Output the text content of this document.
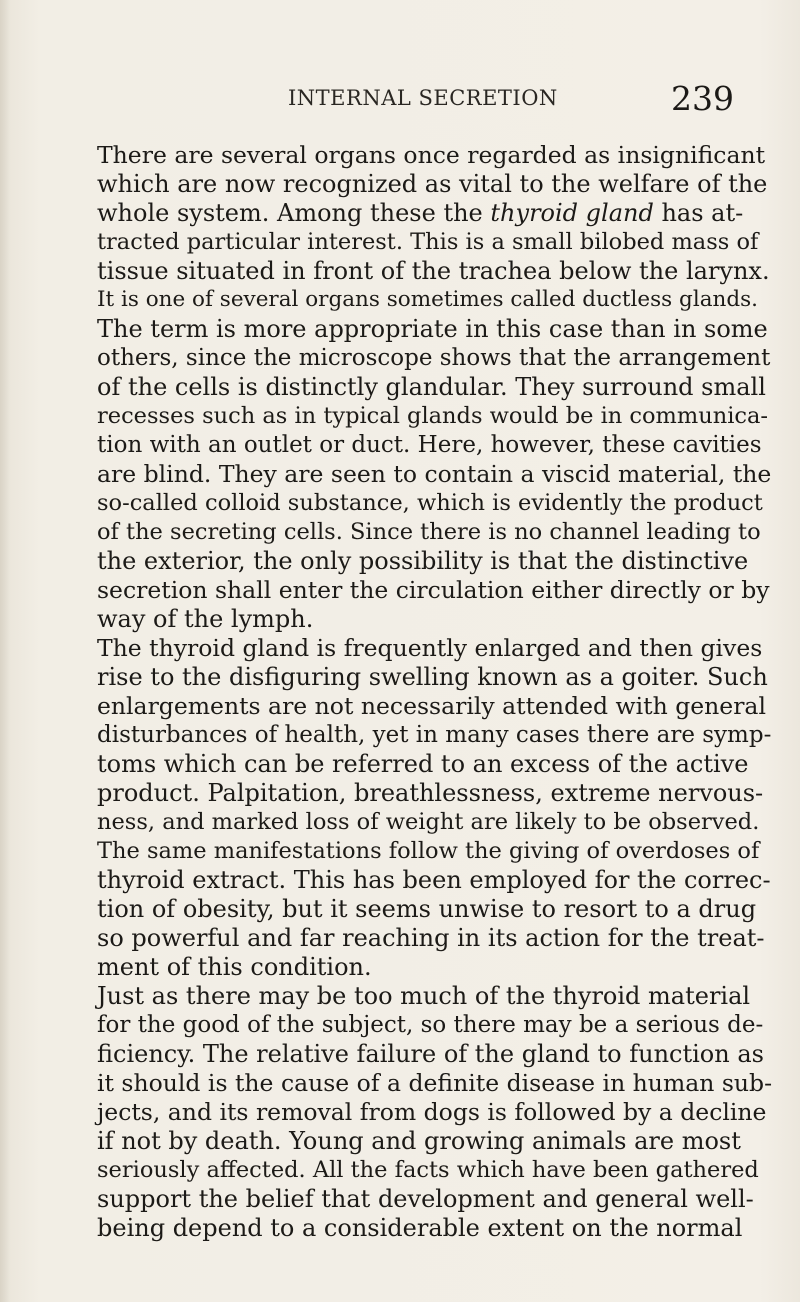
INTERNAL SECRETION	239
There are several organs once regarded as insignificant
which are now recognized as vital to the welfare of the
whole system. Among these the thyroid gland has at-
tracted particular interest. This is a small bilobed mass of
tissue situated in front of the trachea below the larynx.
It is one of several organs sometimes called ductless glands.
The term is more appropriate in this case than in some
others, since the microscope shows that the arrangement
of the cells is distinctly glandular. They surround small
recesses such as in typical glands would be in communica-
tion with an outlet or duct. Here, however, these cavities
are blind. They are seen to contain a viscid material, the
so-called colloid substance, which is evidently the product
of the secreting cells. Since there is no channel leading to
the exterior, the only possibility is that the distinctive
secretion shall enter the circulation either directly or by
way of the lymph.
The thyroid gland is frequently enlarged and then gives
rise to the disfiguring swelling known as a goiter. Such
enlargements are not necessarily attended with general
disturbances of health, yet in many cases there are symp-
toms which can be referred to an excess of the active
product. Palpitation, breathlessness, extreme nervous-
ness, and marked loss of weight are likely to be observed.
The same manifestations follow the giving of overdoses of
thyroid extract. This has been employed for the correc-
tion of obesity, but it seems unwise to resort to a drug
so powerful and far reaching in its action for the treat-
ment of this condition.
Just as there may be too much of the thyroid material
for the good of the subject, so there may be a serious de-
ficiency. The relative failure of the gland to function as
it should is the cause of a definite disease in human sub-
jects, and its removal from dogs is followed by a decline
if not by death. Young and growing animals are most
seriously affected. All the facts which have been gathered
support the belief that development and general well-
being depend to a considerable extent on the normal
